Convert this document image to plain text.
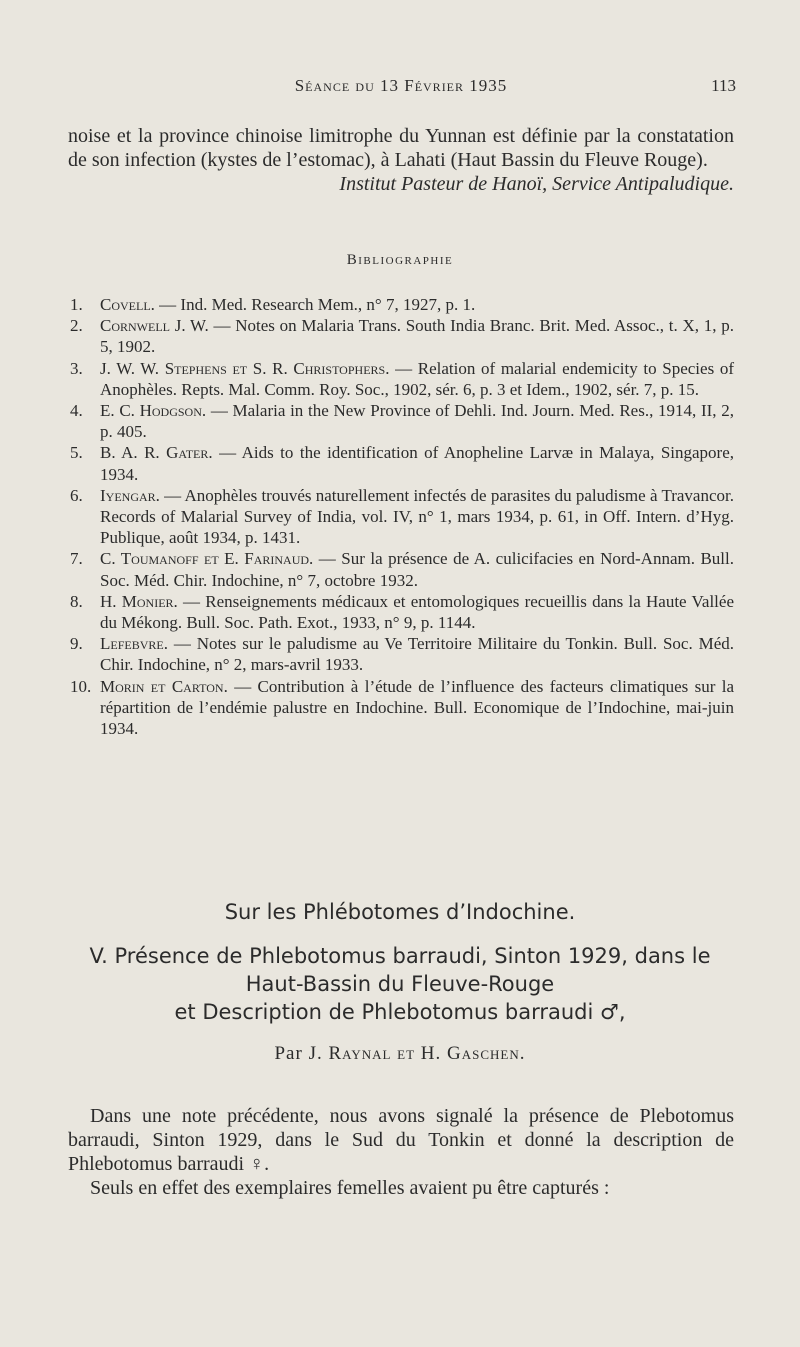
Séance du 13 Février 1935	113

noise et la province chinoise limitrophe du Yunnan est définie par la constatation de son infection (kystes de l’estomac), à Lahati (Haut Bassin du Fleuve Rouge).

Institut Pasteur de Hanoï, Service Antipaludique.

Bibliographie
1.	Covell. — Ind. Med. Research Mem., n° 7, 1927, p. 1.
2.	Cornwell J. W. — Notes on Malaria Trans. South India Branc. Brit. Med. Assoc., t. X, 1, p. 5, 1902.
3.	J. W. W. Stephens et S. R. Christophers. — Relation of malarial endemicity to Species of Anophèles. Repts. Mal. Comm. Roy. Soc., 1902, sér. 6, p. 3 et Idem., 1902, sér. 7, p. 15.
4.	E. C. Hodgson. — Malaria in the New Province of Dehli. Ind. Journ. Med. Res., 1914, II, 2, p. 405.
5.	B. A. R. Gater. — Aids to the identification of Anopheline Larvæ in Malaya, Singapore, 1934.
6.	Iyengar. — Anophèles trouvés naturellement infectés de parasites du paludisme à Travancor. Records of Malarial Survey of India, vol. IV, n° 1, mars 1934, p. 61, in Off. Intern. d’Hyg. Publique, août 1934, p. 1431.
7.	C. Toumanoff et E. Farinaud. — Sur la présence de A. culicifacies en Nord-Annam. Bull. Soc. Méd. Chir. Indochine, n° 7, octobre 1932.
8.	H. Monier. — Renseignements médicaux et entomologiques recueillis dans la Haute Vallée du Mékong. Bull. Soc. Path. Exot., 1933, n° 9, p. 1144.
9.	Lefebvre. — Notes sur le paludisme au Ve Territoire Militaire du Tonkin. Bull. Soc. Méd. Chir. Indochine, n° 2, mars-avril 1933.
10. Morin et Carton. — Contribution à l’étude de l’influence des facteurs climatiques sur la répartition de l’endémie palustre en Indochine. Bull. Economique de l’Indochine, mai-juin 1934.
Sur les Phlébotomes d’Indochine.
V. Présence de Phlebotomus barraudi, Sinton 1929, dans le
Haut-Bassin du Fleuve-Rouge
et Description de Phlebotomus barraudi ♂,
Par J. Raynal et H. Gaschen.

Dans une note précédente, nous avons signalé la présence de Plebotomus barraudi, Sinton 1929, dans le Sud du Tonkin et donné la description de Phlebotomus barraudi ♀.

Seuls en effet des exemplaires femelles avaient pu être capturés :
